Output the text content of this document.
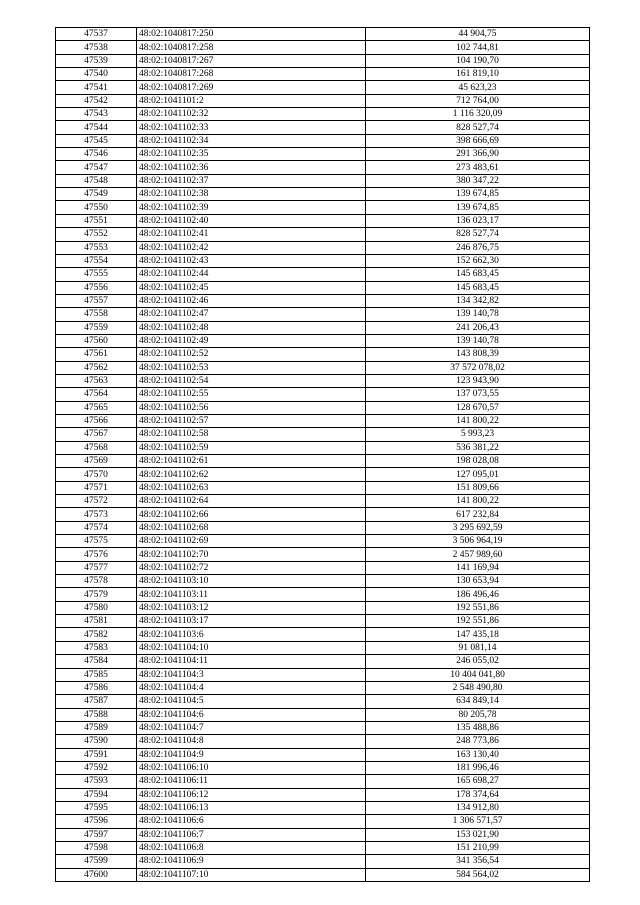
47537	48:02:1040817:250	44 904,75
47538	48:02:1040817:258	102 744,81
47539	48:02:1040817:267	104 190,70
47540	48:02:1040817:268	161 819,10
47541	48:02:1040817:269	45 623,23
47542	48:02:1041101:2	712 764,00
47543	48:02:1041102:32	1 116 320,09
47544	48:02:1041102:33	828 527,74
47545	48:02:1041102:34	398 666,69
47546	48:02:1041102:35	291 366,90
47547	48:02:1041102:36	273 483,61
47548	48:02:1041102:37	380 347,22
47549	48:02:1041102:38	139 674,85
47550	48:02:1041102:39	139 674,85
47551	48:02:1041102:40	136 023,17
47552	48:02:1041102:41	828 527,74
47553	48:02:1041102:42	246 876,75
47554	48:02:1041102:43	152 662,30
47555	48:02:1041102:44	145 683,45
47556	48:02:1041102:45	145 683,45
47557	48:02:1041102:46	134 342,82
47558	48:02:1041102:47	139 140,78
47559	48:02:1041102:48	241 206,43
47560	48:02:1041102:49	139 140,78
47561	48:02:1041102:52	143 808,39
47562	48:02:1041102:53	37 572 078,02
47563	48:02:1041102:54	123 943,90
47564	48:02:1041102:55	137 073,55
47565	48:02:1041102:56	128 670,57
47566	48:02:1041102:57	141 800,22
47567	48:02:1041102:58	5 993,23
47568	48:02:1041102:59	536 381,22
47569	48:02:1041102:61	198 028,08
47570	48:02:1041102:62	127 095,01
47571	48:02:1041102:63	151 809,66
47572	48:02:1041102:64	141 800,22
47573	48:02:1041102:66	617 232,84
47574	48:02:1041102:68	3 295 692,59
47575	48:02:1041102:69	3 506 964,19
47576	48:02:1041102:70	2 457 989,60
47577	48:02:1041102:72	141 169,94
47578	48:02:1041103:10	130 653,94
47579	48:02:1041103:11	186 496,46
47580	48:02:1041103:12	192 551,86
47581	48:02:1041103:17	192 551,86
47582	48:02:1041103:6	147 435,18
47583	48:02:1041104:10	91 081,14
47584	48:02:1041104:11	246 055,02
47585	48:02:1041104:3	10 404 041,80
47586	48:02:1041104:4	2 548 490,80
47587	48:02:1041104:5	634 849,14
47588	48:02:1041104:6	80 205,78
47589	48:02:1041104:7	135 488,86
47590	48:02:1041104:8	248 773,86
47591	48:02:1041104:9	163 130,40
47592	48:02:1041106:10	181 996,46
47593	48:02:1041106:11	165 698,27
47594	48:02:1041106:12	178 374,64
47595	48:02:1041106:13	134 912,80
47596	48:02:1041106:6	1 306 571,57
47597	48:02:1041106:7	153 021,90
47598	48:02:1041106:8	151 210,99
47599	48:02:1041106:9	341 356,54
47600	48:02:1041107:10	584 564,02
